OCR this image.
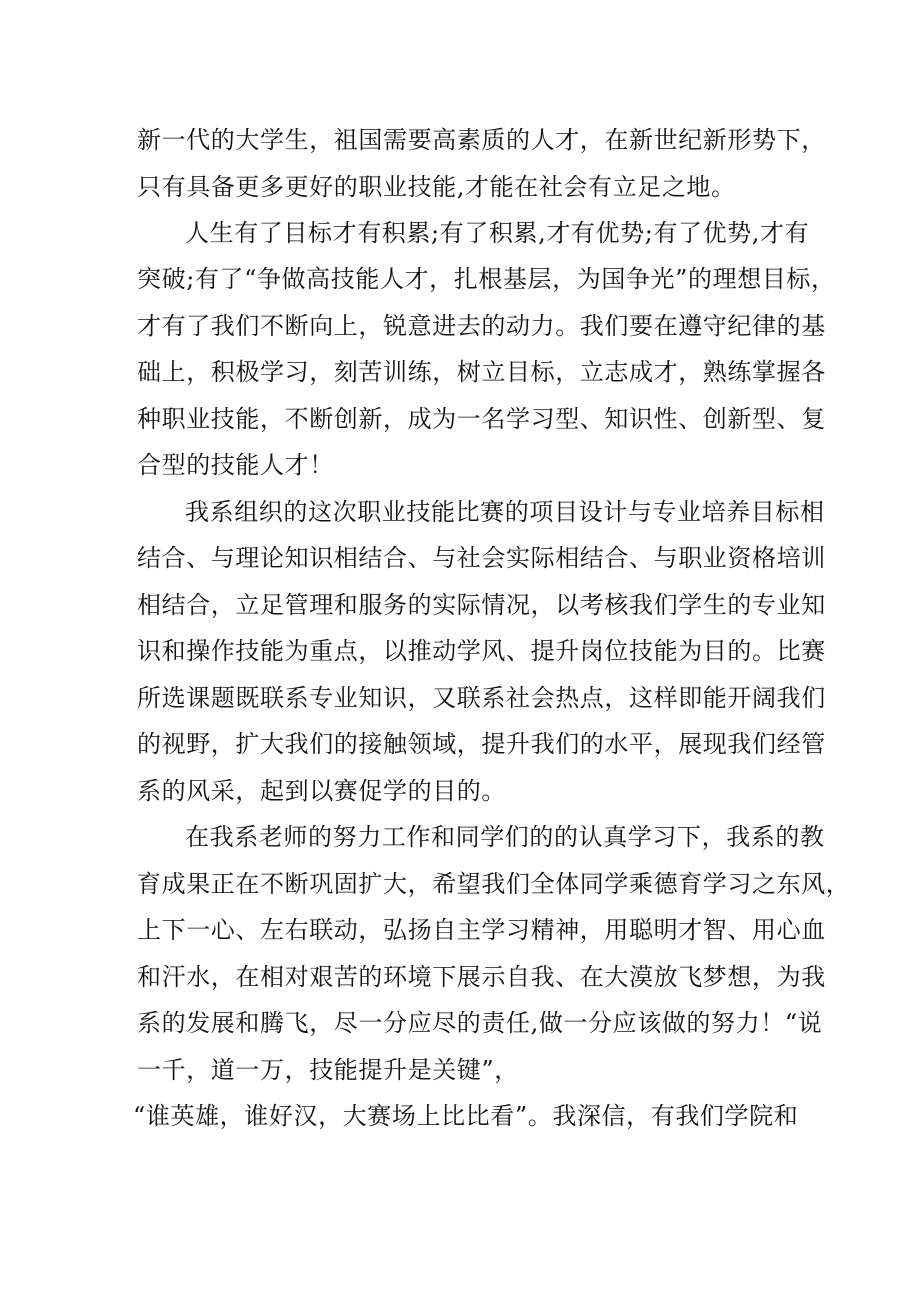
新一代的大学生，祖国需要高素质的人才，在新世纪新形势下，
只有具备更多更好的职业技能,才能在社会有立足之地。
人生有了目标才有积累;有了积累,才有优势;有了优势,才有
突破;有了“争做高技能人才，扎根基层，为国争光”的理想目标，
才有了我们不断向上，锐意进去的动力。我们要在遵守纪律的基
础上，积极学习，刻苦训练，树立目标，立志成才，熟练掌握各
种职业技能，不断创新，成为一名学习型、知识性、创新型、复
合型的技能人才！
我系组织的这次职业技能比赛的项目设计与专业培养目标相
结合、与理论知识相结合、与社会实际相结合、与职业资格培训
相结合，立足管理和服务的实际情况，以考核我们学生的专业知
识和操作技能为重点，以推动学风、提升岗位技能为目的。比赛
所选课题既联系专业知识，又联系社会热点，这样即能开阔我们
的视野，扩大我们的接触领域，提升我们的水平，展现我们经管
系的风采，起到以赛促学的目的。
在我系老师的努力工作和同学们的的认真学习下，我系的教
育成果正在不断巩固扩大，希望我们全体同学乘德育学习之东风，
上下一心、左右联动，弘扬自主学习精神，用聪明才智、用心血
和汗水，在相对艰苦的环境下展示自我、在大漠放飞梦想，为我
系的发展和腾飞，尽一分应尽的责任,做一分应该做的努力！“说
一千，道一万，技能提升是关键”，
“谁英雄，谁好汉，大赛场上比比看”。我深信，有我们学院和
